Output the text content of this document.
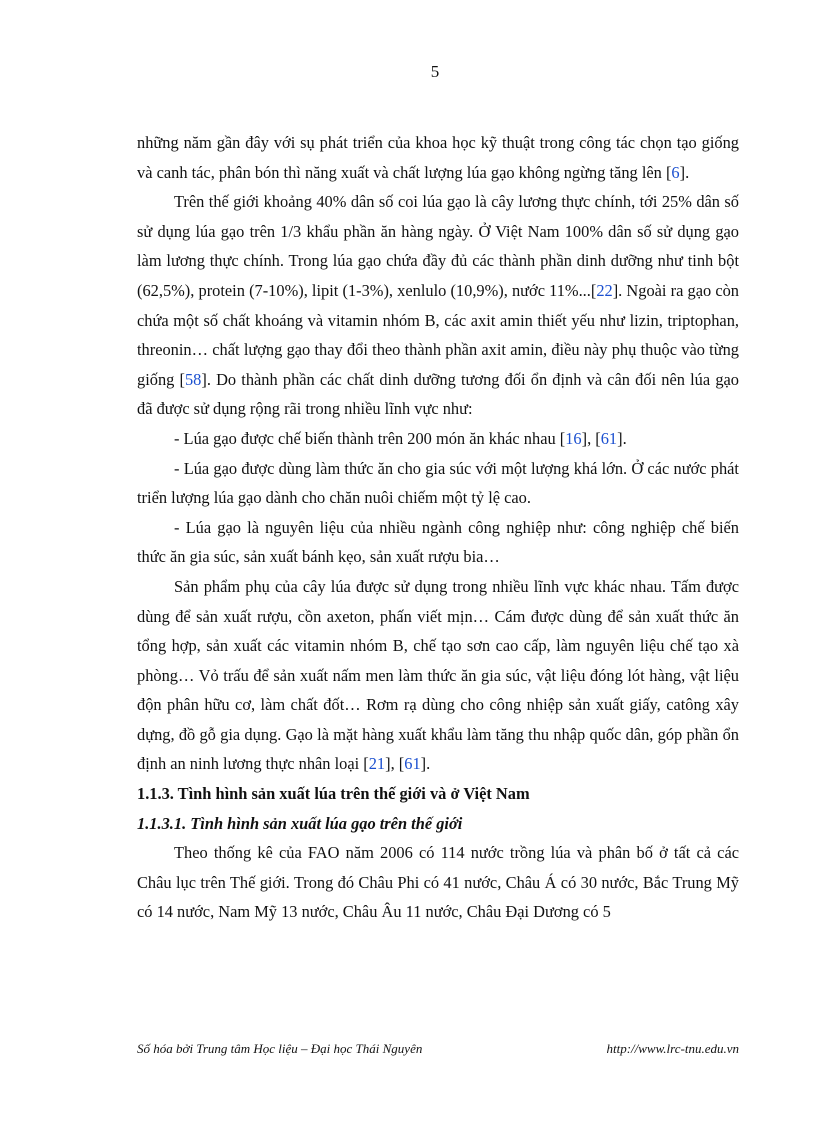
5

những năm gần đây với sụ phát triển của khoa học kỹ thuật trong công tác chọn tạo giống và canh tác, phân bón thì năng xuất và chất lượng lúa gạo không ngừng tăng lên [6].

Trên thế giới khoảng 40% dân số coi lúa gạo là cây lương thực chính, tới 25% dân số sử dụng lúa gạo trên 1/3 khẩu phần ăn hàng ngày. Ở Việt Nam 100% dân số sử dụng gạo làm lương thực chính. Trong lúa gạo chứa đầy đủ các thành phần dinh dưỡng như tinh bột (62,5%), protein (7-10%), lipit (1-3%), xenlulo (10,9%), nước 11%...[22]. Ngoài ra gạo còn chứa một số chất khoáng và vitamin nhóm B, các axit amin thiết yếu như lizin, triptophan, threonin… chất lượng gạo thay đổi theo thành phần axit amin, điều này phụ thuộc vào từng giống [58]. Do thành phần các chất dinh dưỡng tương đối ổn định và cân đối nên lúa gạo đã được sử dụng rộng rãi trong nhiều lĩnh vực như:

- Lúa gạo được chế biến thành trên 200 món ăn khác nhau [16], [61].

- Lúa gạo được dùng làm thức ăn cho gia súc với một lượng khá lớn. Ở các nước phát triển lượng lúa gạo dành cho chăn nuôi chiếm một tỷ lệ cao.

- Lúa gạo là nguyên liệu của nhiều ngành công nghiệp như: công nghiệp chế biến thức ăn gia súc, sản xuất bánh kẹo, sản xuất rượu bia…

Sản phẩm phụ của cây lúa được sử dụng trong nhiều lĩnh vực khác nhau. Tấm được dùng để sản xuất rượu, cồn axeton, phấn viết mịn… Cám được dùng để sản xuất thức ăn tổng hợp, sản xuất các vitamin nhóm B, chế tạo sơn cao cấp, làm nguyên liệu chế tạo xà phòng… Vỏ trấu để sản xuất nấm men làm thức ăn gia súc, vật liệu đóng lót hàng, vật liệu độn phân hữu cơ, làm chất đốt… Rơm rạ dùng cho công nhiệp sản xuất giấy, catông xây dựng, đồ gỗ gia dụng. Gạo là mặt hàng xuất khẩu làm tăng thu nhập quốc dân, góp phần ổn định an ninh lương thực nhân loại [21], [61].

1.1.3. Tình hình sản xuất lúa trên thế giới và ở Việt Nam

1.1.3.1. Tình hình sản xuất lúa gạo trên thế giới

Theo thống kê của FAO năm 2006 có 114 nước trồng lúa và phân bố ở tất cả các Châu lục trên Thế giới. Trong đó Châu Phi có 41 nước, Châu Á có 30 nước, Bắc Trung Mỹ có 14 nước, Nam Mỹ 13 nước, Châu Âu 11 nước, Châu Đại Dương có 5

Số hóa bởi Trung tâm Học liệu – Đại học Thái Nguyên	http://www.lrc-tnu.edu.vn
